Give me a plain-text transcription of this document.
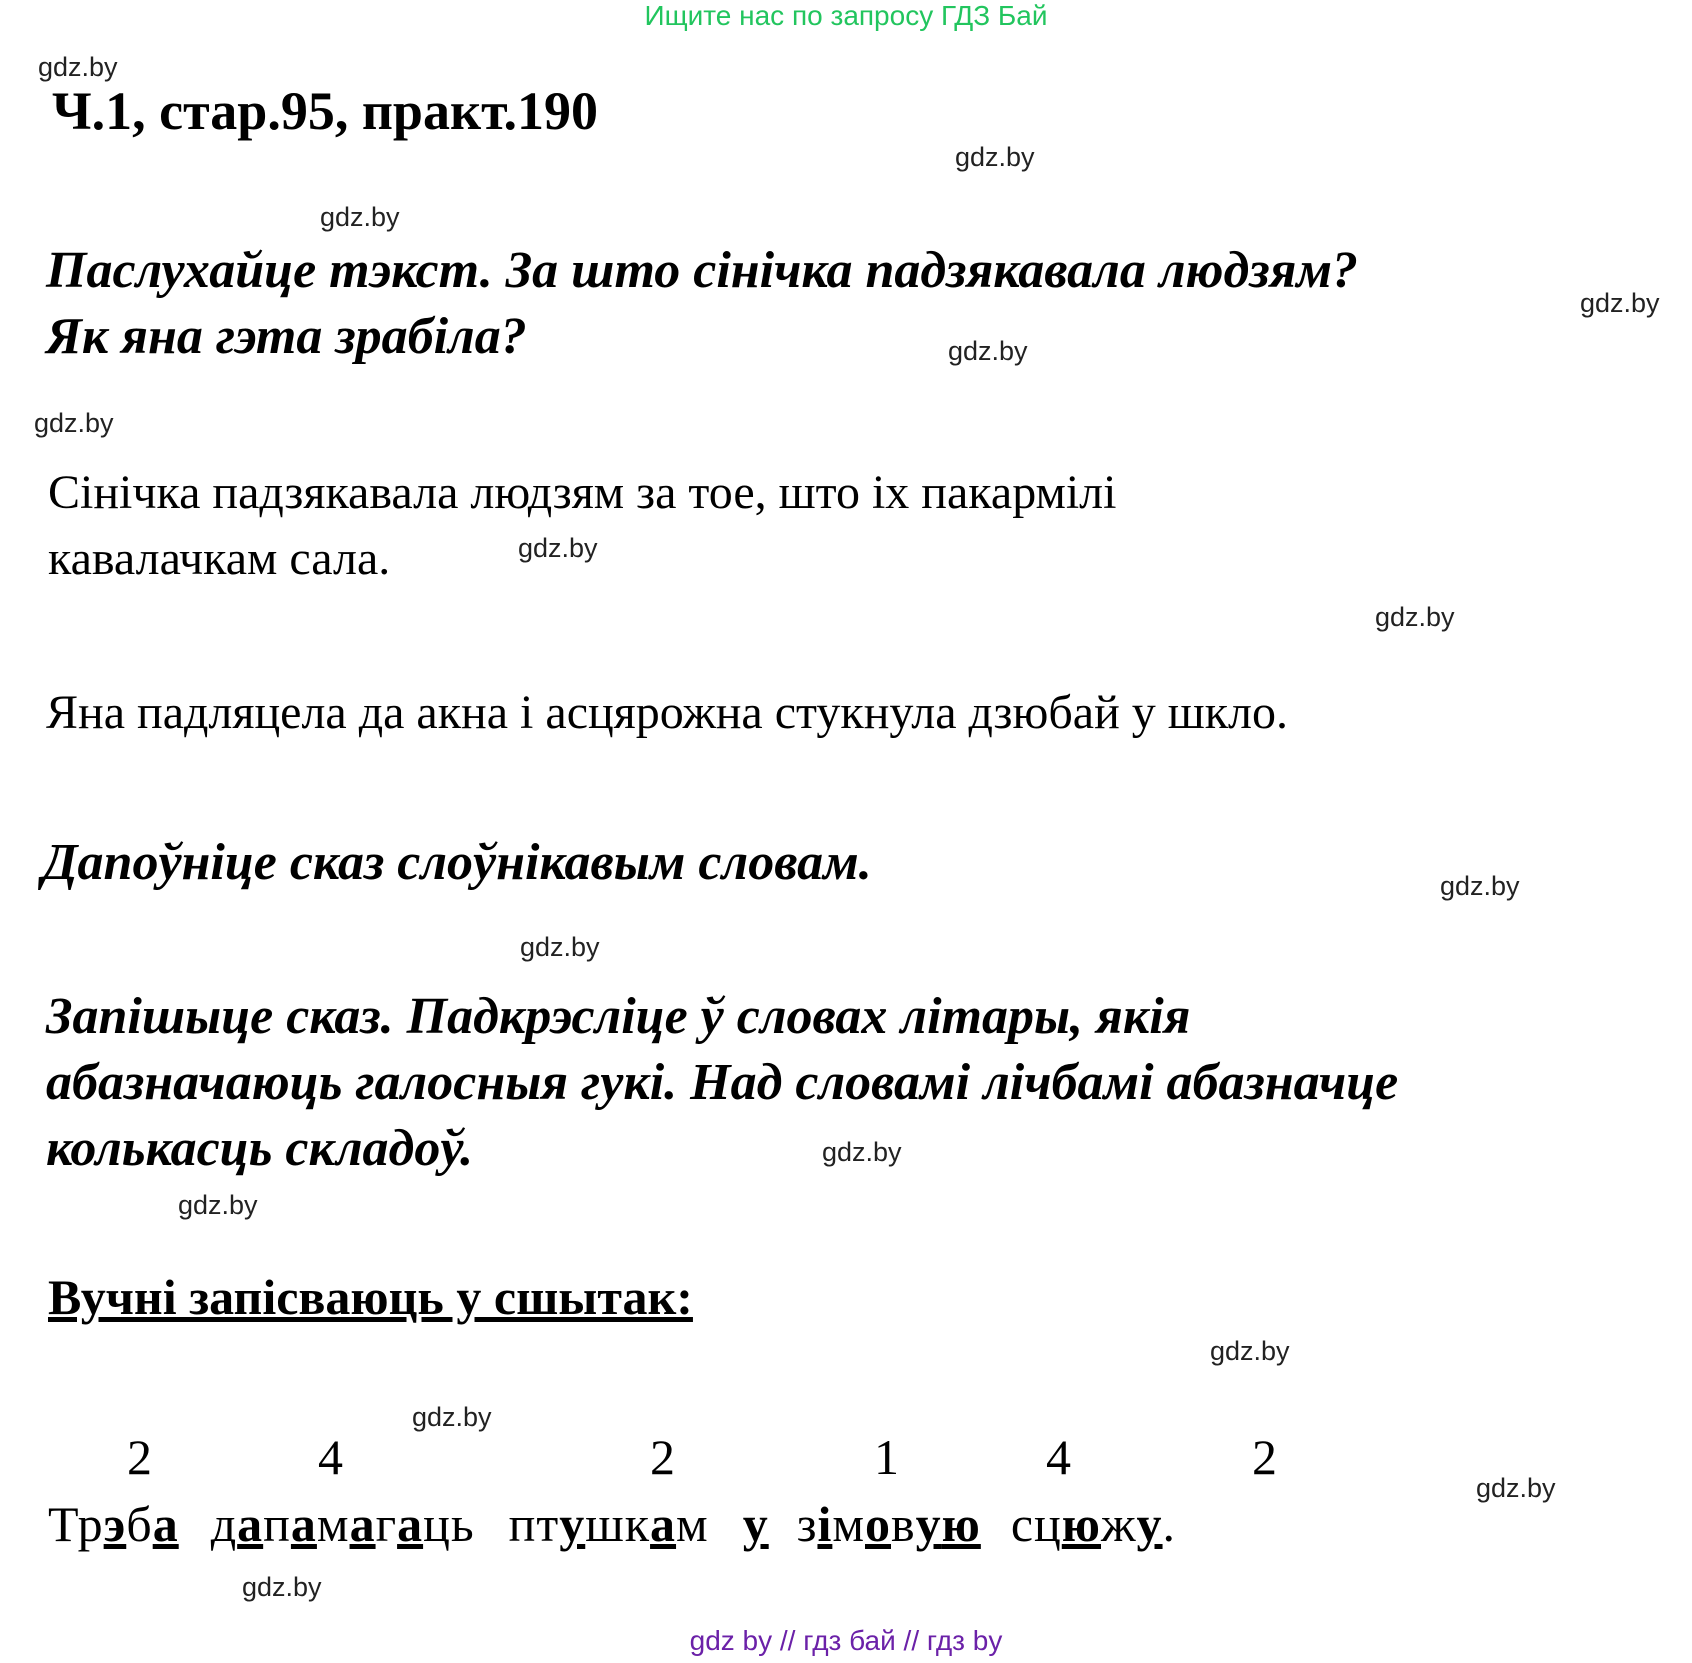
Ищите нас по запросу ГДЗ Бай
gdz.by
gdz.by
gdz.by
gdz.by
gdz.by
gdz.by
gdz.by
gdz.by
gdz.by
gdz.by
gdz.by
gdz.by
gdz.by
gdz.by
gdz.by
gdz.by
Ч.1, стар.95, практ.190
Паслухайце тэкст. За што сінічка падзякавала людзям?
Як яна гэта зрабіла?
Сінічка падзякавала людзям за тое, што іх пакармілі
кавалачкам сала.
Яна падляцела да акна і асцярожна стукнула дзюбай у шкло.
Дапоўніце сказ слоўнікавым словам.
Запішыце сказ. Падкрэсліце ў словах літары, якія
абазначаюць галосныя гукі. Над словамі лічбамі абазначце
колькасць складоў.
Вучні запісваюць у сшытак:
2	4	2	1	4	2
Трэба дапамагаць птушкам у зімовую сцюжу.
gdz by // гдз бай // гдз by
